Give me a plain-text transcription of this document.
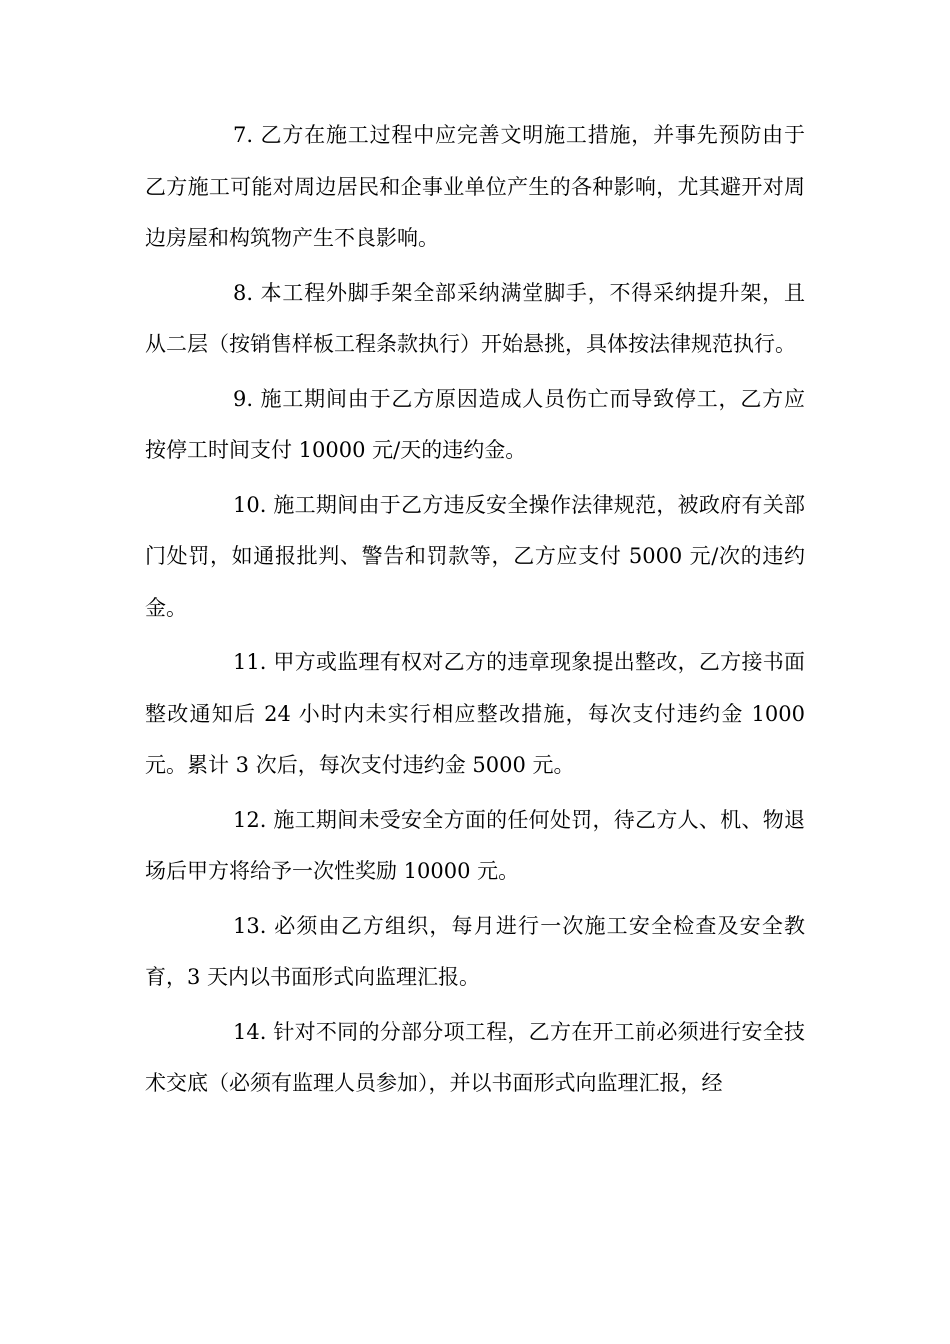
7. 乙方在施工过程中应完善文明施工措施，并事先预防由于乙方施工可能对周边居民和企事业单位产生的各种影响，尤其避开对周边房屋和构筑物产生不良影响。

8. 本工程外脚手架全部采纳满堂脚手，不得采纳提升架，且从二层（按销售样板工程条款执行）开始悬挑，具体按法律规范执行。

9. 施工期间由于乙方原因造成人员伤亡而导致停工，乙方应按停工时间支付 10000 元/天的违约金。

10. 施工期间由于乙方违反安全操作法律规范，被政府有关部门处罚，如通报批判、警告和罚款等，乙方应支付 5000 元/次的违约金。

11. 甲方或监理有权对乙方的违章现象提出整改，乙方接书面整改通知后 24 小时内未实行相应整改措施，每次支付违约金 1000 元。累计 3 次后，每次支付违约金 5000 元。

12. 施工期间未受安全方面的任何处罚，待乙方人、机、物退场后甲方将给予一次性奖励 10000 元。

13. 必须由乙方组织，每月进行一次施工安全检查及安全教育，3 天内以书面形式向监理汇报。

14. 针对不同的分部分项工程，乙方在开工前必须进行安全技术交底（必须有监理人员参加），并以书面形式向监理汇报，经
